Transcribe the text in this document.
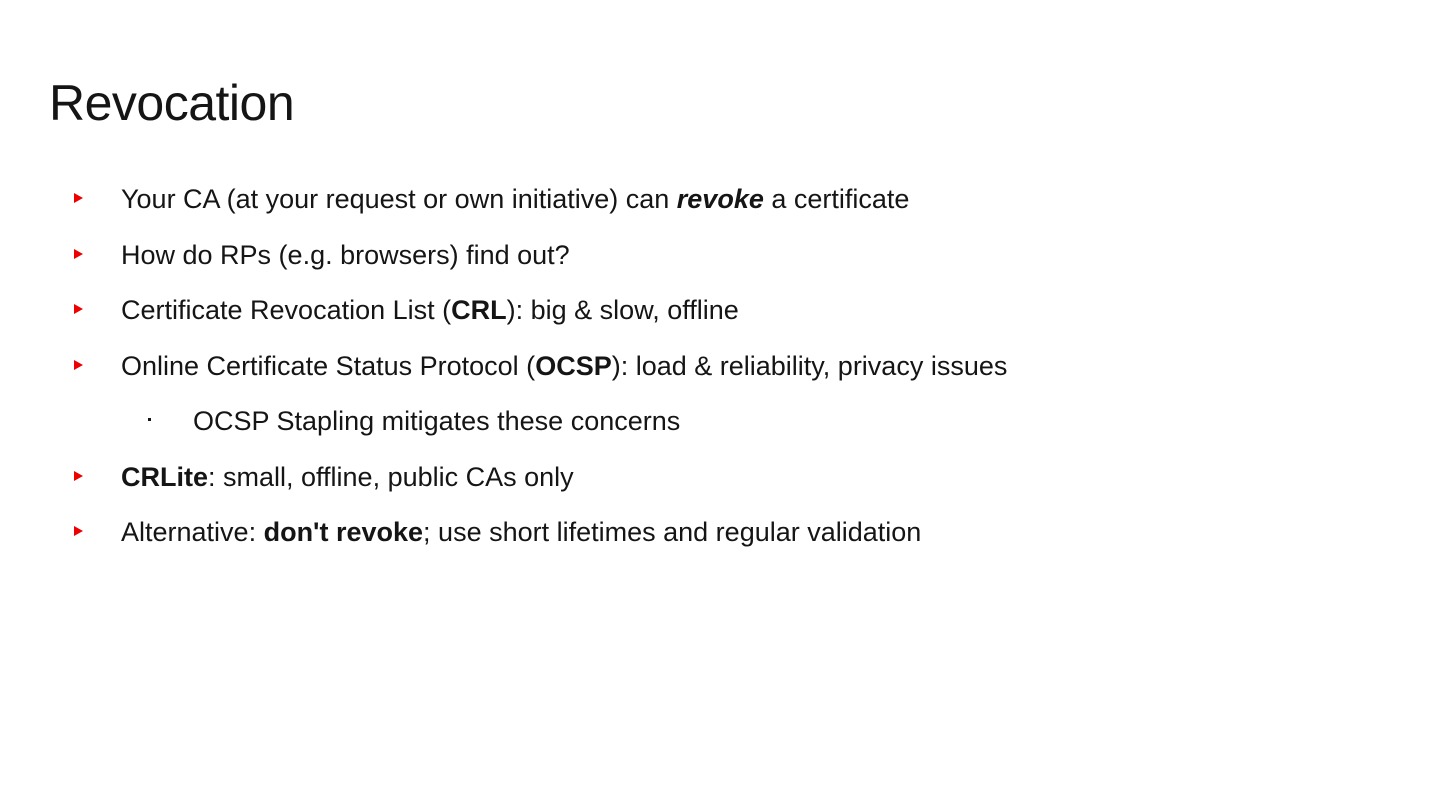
Revocation
Your CA (at your request or own initiative) can revoke a certificate
How do RPs (e.g. browsers) find out?
Certificate Revocation List (CRL): big & slow, offline
Online Certificate Status Protocol (OCSP): load & reliability, privacy issues
OCSP Stapling mitigates these concerns
CRLite: small, offline, public CAs only
Alternative: don't revoke; use short lifetimes and regular validation
